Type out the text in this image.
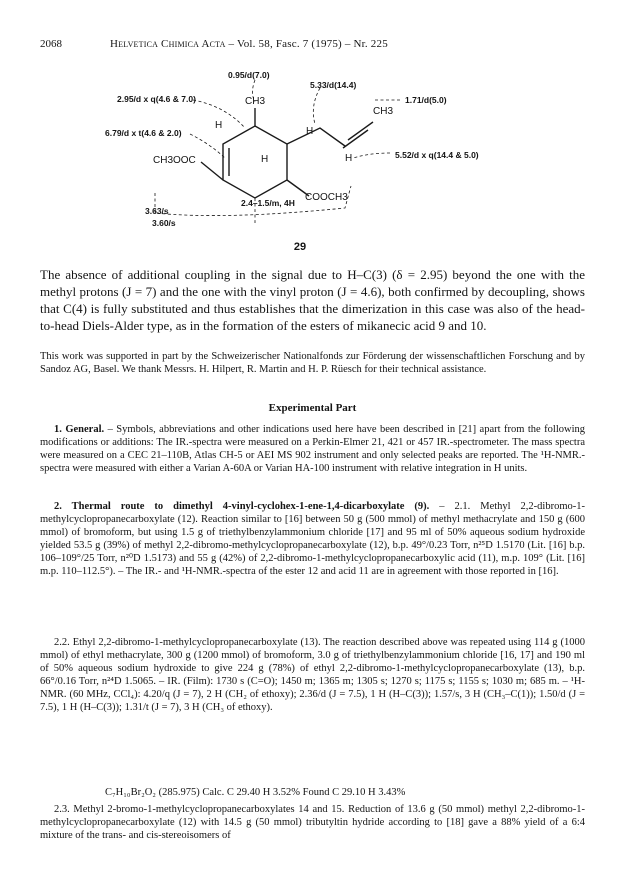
2068	Helvetica Chimica Acta – Vol. 58, Fasc. 7 (1975) – Nr. 225
0.95/d(7.0)
2.95/d x q(4.6 & 7.0)
6.79/d x t(4.6 & 2.0)
5.33/d(14.4)
1.71/d(5.0)
5.52/d x q(14.4 & 5.0)
2.4–1.5/m, 4H
3.63/s
3.60/s
CH3
CH3
CH3OOC
COOCH3
H
H
H
H
29

The absence of additional coupling in the signal due to H–C(3) (δ = 2.95) beyond the one with the methyl protons (J = 7) and the one with the vinyl proton (J = 4.6), both confirmed by decoupling, shows that C(4) is fully substituted and thus establishes that the dimerization in this case was also of the head-to-head Diels-Alder type, as in the formation of the esters of mikanecic acid 9 and 10.

This work was supported in part by the Schweizerischer Nationalfonds zur Förderung der wissenschaftlichen Forschung and by Sandoz AG, Basel. We thank Messrs. H. Hilpert, R. Martin and H. P. Rüesch for their technical assistance.

Experimental Part

1. General. – Symbols, abbreviations and other indications used here have been described in [21] apart from the following modifications or additions: The IR.-spectra were measured on a Perkin-Elmer 21, 421 or 457 IR.-spectrometer. The mass spectra were measured on a CEC 21–110B, Atlas CH-5 or AEI MS 902 instrument and only selected peaks are reported. The ¹H-NMR.-spectra were measured with either a Varian A-60A or Varian HA-100 instrument with relative integration in H units.

2. Thermal route to dimethyl 4-vinyl-cyclohex-1-ene-1,4-dicarboxylate (9). – 2.1. Methyl 2,2-dibromo-1-methylcyclopropanecarboxylate (12). Reaction similar to [16] between 50 g (500 mmol) of methyl methacrylate and 150 g (600 mmol) of bromoform, but using 1.5 g of triethylbenzylammonium chloride [17] and 95 ml of 50% aqueous sodium hydroxide yielded 53.5 g (39%) of methyl 2,2-dibromo-methylcyclopropanecarboxylate (12), b.p. 49°/0.23 Torr, n²⁵D 1.5170 (Lit. [16] b.p. 106–109°/25 Torr, n²⁰D 1.5173) and 55 g (42%) of 2,2-dibromo-1-methylcyclopropanecarboxylic acid (11), m.p. 109° (Lit. [16] m.p. 110–112.5°). – The IR.- and ¹H-NMR.-spectra of the ester 12 and acid 11 are in agreement with those reported in [16].

2.2. Ethyl 2,2-dibromo-1-methylcyclopropanecarboxylate (13). The reaction described above was repeated using 114 g (1000 mmol) of ethyl methacrylate, 300 g (1200 mmol) of bromoform, 3.0 g of triethylbenzylammonium chloride [16, 17] and 190 ml of 50% aqueous sodium hydroxide to give 224 g (78%) of ethyl 2,2-dibromo-1-methylcyclopropanecarboxylate (13), b.p. 66°/0.16 Torr, n²⁴D 1.5065. – IR. (Film): 1730 s (C=O); 1450 m; 1365 m; 1305 s; 1270 s; 1175 s; 1155 s; 1030 m; 685 m. – ¹H-NMR. (60 MHz, CCl₄): 4.20/q (J = 7), 2 H (CH₂ of ethoxy); 2.36/d (J = 7.5), 1 H (H–C(3)); 1.57/s, 3 H (CH₃–C(1)); 1.50/d (J = 7.5), 1 H (H–C(3)); 1.31/t (J = 7), 3 H (CH₃ of ethoxy).

C₇H₁₀Br₂O₂ (285.975) Calc. C 29.40 H 3.52% Found C 29.10 H 3.43%

2.3. Methyl 2-bromo-1-methylcyclopropanecarboxylates 14 and 15. Reduction of 13.6 g (50 mmol) methyl 2,2-dibromo-1-methylcyclopropanecarboxylate (12) with 14.5 g (50 mmol) tributyltin hydride according to [18] gave a 88% yield of a 6:4 mixture of the trans- and cis-stereoisomers of
